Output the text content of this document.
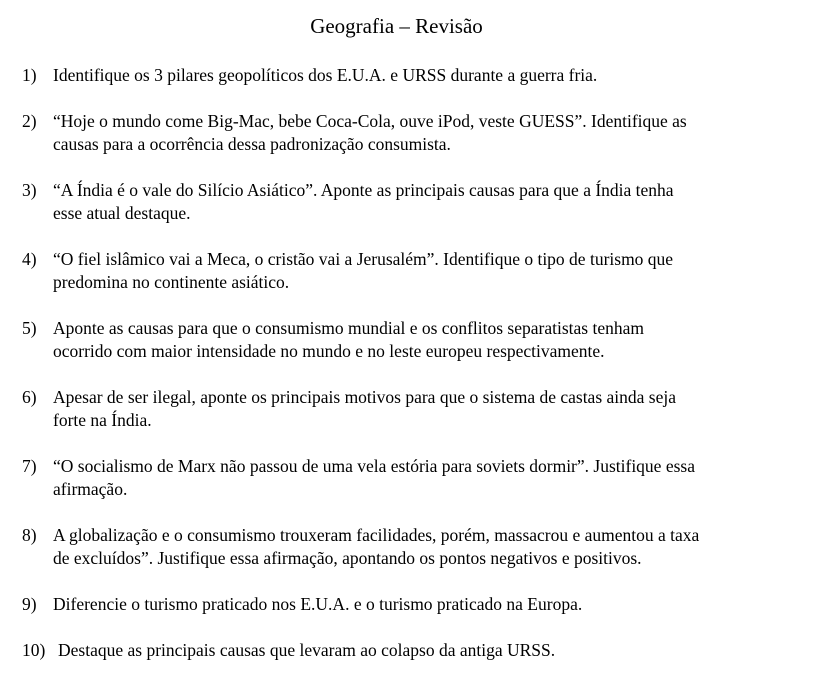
Geografia – Revisão
1) Identifique os 3 pilares geopolíticos dos E.U.A. e URSS durante a guerra fria.
2) “Hoje o mundo come Big-Mac, bebe Coca-Cola, ouve iPod, veste GUESS”. Identifique as
causas para a ocorrência dessa padronização consumista.
3) “A Índia é o vale do Silício Asiático”. Aponte as principais causas para que a Índia tenha
esse atual destaque.
4) “O fiel islâmico vai a Meca, o cristão vai a Jerusalém”. Identifique o tipo de turismo que
predomina no continente asiático.
5) Aponte as causas para que o consumismo mundial e os conflitos separatistas tenham
ocorrido com maior intensidade no mundo e no leste europeu respectivamente.
6) Apesar de ser ilegal, aponte os principais motivos para que o sistema de castas ainda seja
forte na Índia.
7) “O socialismo de Marx não passou de uma vela estória para soviets dormir”. Justifique essa
afirmação.
8) A globalização e o consumismo trouxeram facilidades, porém, massacrou e aumentou a taxa
de excluídos”. Justifique essa afirmação, apontando os pontos negativos e positivos.
9) Diferencie o turismo praticado nos E.U.A. e o turismo praticado na Europa.
10) Destaque as principais causas que levaram ao colapso da antiga URSS.
